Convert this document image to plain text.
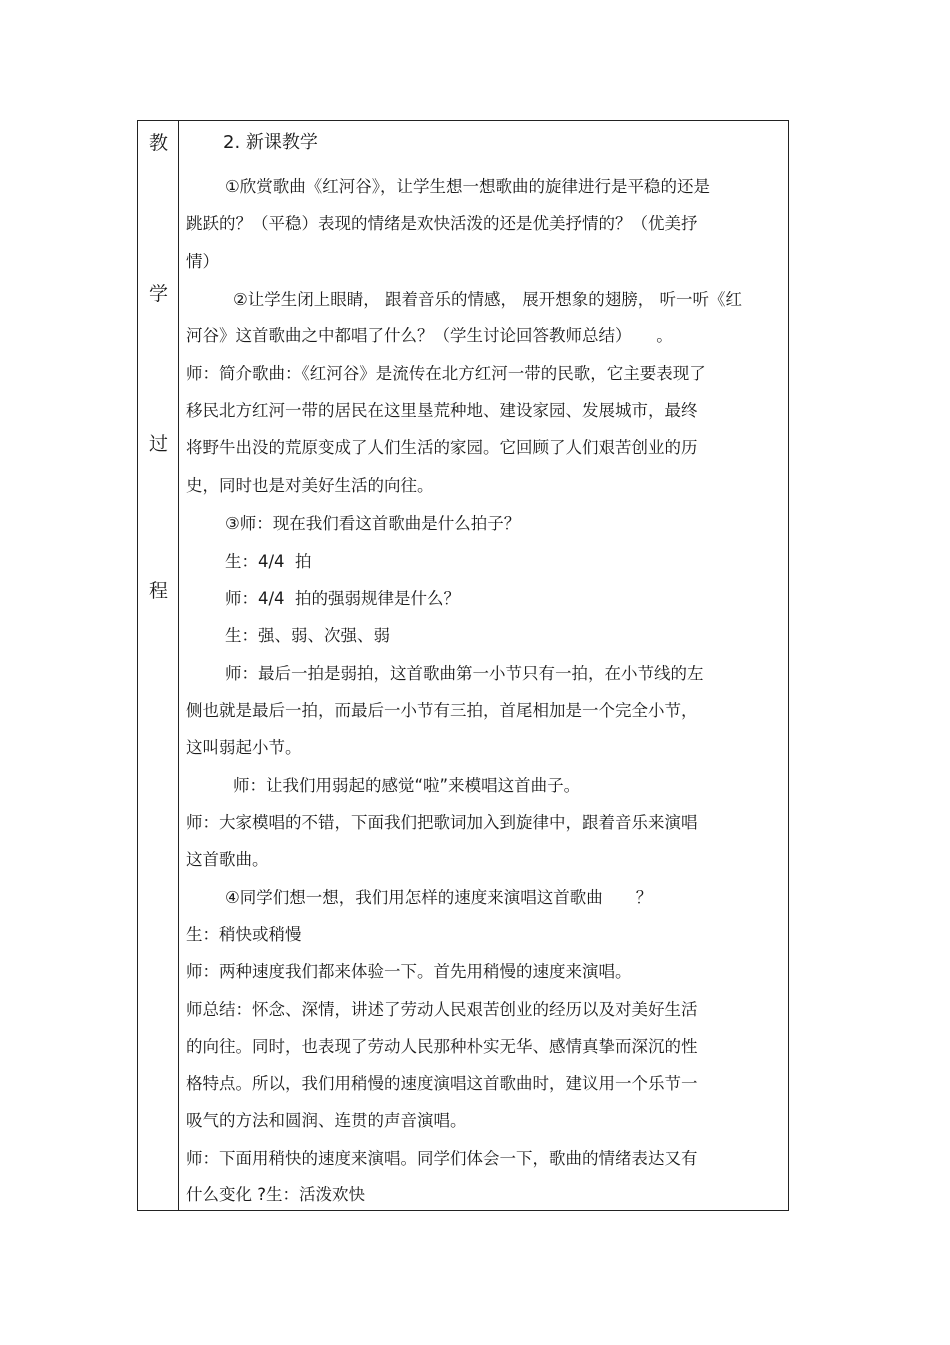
教
学
过
程
2. 新课教学
①欣赏歌曲《红河谷》，让学生想一想歌曲的旋律进行是平稳的还是
跳跃的？（平稳）表现的情绪是欢快活泼的还是优美抒情的？（优美抒
情）
②让学生闭上眼睛， 跟着音乐的情感， 展开想象的翅膀， 听一听《红
河谷》这首歌曲之中都唱了什么？（学生讨论回答教师总结）　　。
师：简介歌曲：《红河谷》是流传在北方红河一带的民歌，它主要表现了
移民北方红河一带的居民在这里垦荒种地、建设家园、发展城市，最终
将野牛出没的荒原变成了人们生活的家园。它回顾了人们艰苦创业的历
史，同时也是对美好生活的向往。
③师：现在我们看这首歌曲是什么拍子？
生：4/4  拍
师：4/4  拍的强弱规律是什么？
生：强、弱、次强、弱
师：最后一拍是弱拍，这首歌曲第一小节只有一拍，在小节线的左
侧也就是最后一拍，而最后一小节有三拍，首尾相加是一个完全小节，
这叫弱起小节。
师：让我们用弱起的感觉“啦”来模唱这首曲子。
师：大家模唱的不错，下面我们把歌词加入到旋律中，跟着音乐来演唱
这首歌曲。
④同学们想一想，我们用怎样的速度来演唱这首歌曲　　？
生：稍快或稍慢
师：两种速度我们都来体验一下。首先用稍慢的速度来演唱。
师总结：怀念、深情，讲述了劳动人民艰苦创业的经历以及对美好生活
的向往。同时，也表现了劳动人民那种朴实无华、感情真挚而深沉的性
格特点。所以，我们用稍慢的速度演唱这首歌曲时，建议用一个乐节一
吸气的方法和圆润、连贯的声音演唱。
师：下面用稍快的速度来演唱。同学们体会一下，歌曲的情绪表达又有
什么变化 ?生：活泼欢快
